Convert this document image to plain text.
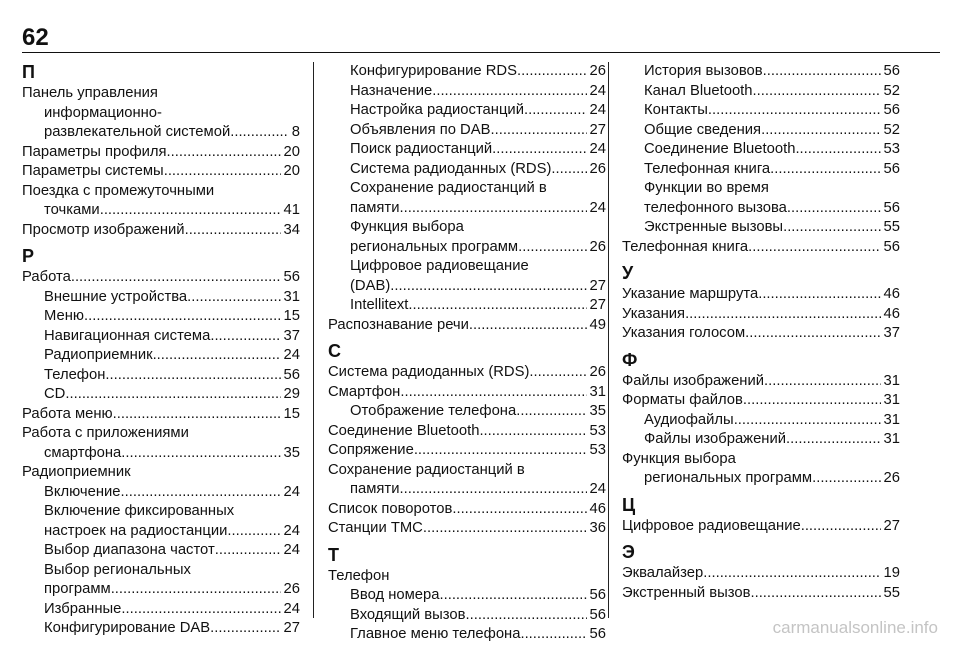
62
П
Панель управления
информационно-
развлекательной системой .....	8
Параметры профиля .....	20
Параметры системы .....	20
Поездка с промежуточными
точками .....	41
Просмотр изображений .....	34
Р
Работа .....	56
Внешние устройства .....	31
Меню .....	15
Навигационная система .....	37
Радиоприемник .....	24
Телефон .....	56
CD .....	29
Работа меню .....	15
Работа с приложениями
смартфона .....	35
Радиоприемник
Включение .....	24
Включение фиксированных
настроек на радиостанции .....	24
Выбор диапазона частот .....	24
Выбор региональных
программ .....	26
Избранные .....	24
Конфигурирование DAB .....	27
Конфигурирование RDS .....	26
Назначение .....	24
Настройка радиостанций .....	24
Объявления по DAB .....	27
Поиск радиостанций .....	24
Система радиоданных (RDS) .....	26
Сохранение радиостанций в
памяти .....	24
Функция выбора
региональных программ .....	26
Цифровое радиовещание
(DAB) .....	27
Intellitext .....	27
Распознавание речи .....	49
С
Система радиоданных (RDS) .....	26
Смартфон .....	31
Отображение телефона .....	35
Соединение Bluetooth .....	53
Сопряжение .....	53
Сохранение радиостанций в
памяти .....	24
Список поворотов .....	46
Станции TMC .....	36
Т
Телефон
Ввод номера .....	56
Входящий вызов .....	56
Главное меню телефона .....	56
История вызовов .....	56
Канал Bluetooth .....	52
Контакты .....	56
Общие сведения .....	52
Соединение Bluetooth .....	53
Телефонная книга .....	56
Функции во время
телефонного вызова .....	56
Экстренные вызовы .....	55
Телефонная книга .....	56
У
Указание маршрута .....	46
Указания .....	46
Указания голосом .....	37
Ф
Файлы изображений .....	31
Форматы файлов .....	31
Аудиофайлы .....	31
Файлы изображений .....	31
Функция выбора
региональных программ .....	26
Ц
Цифровое радиовещание .....	27
Э
Эквалайзер .....	19
Экстренный вызов .....	55
carmanualsonline.info
